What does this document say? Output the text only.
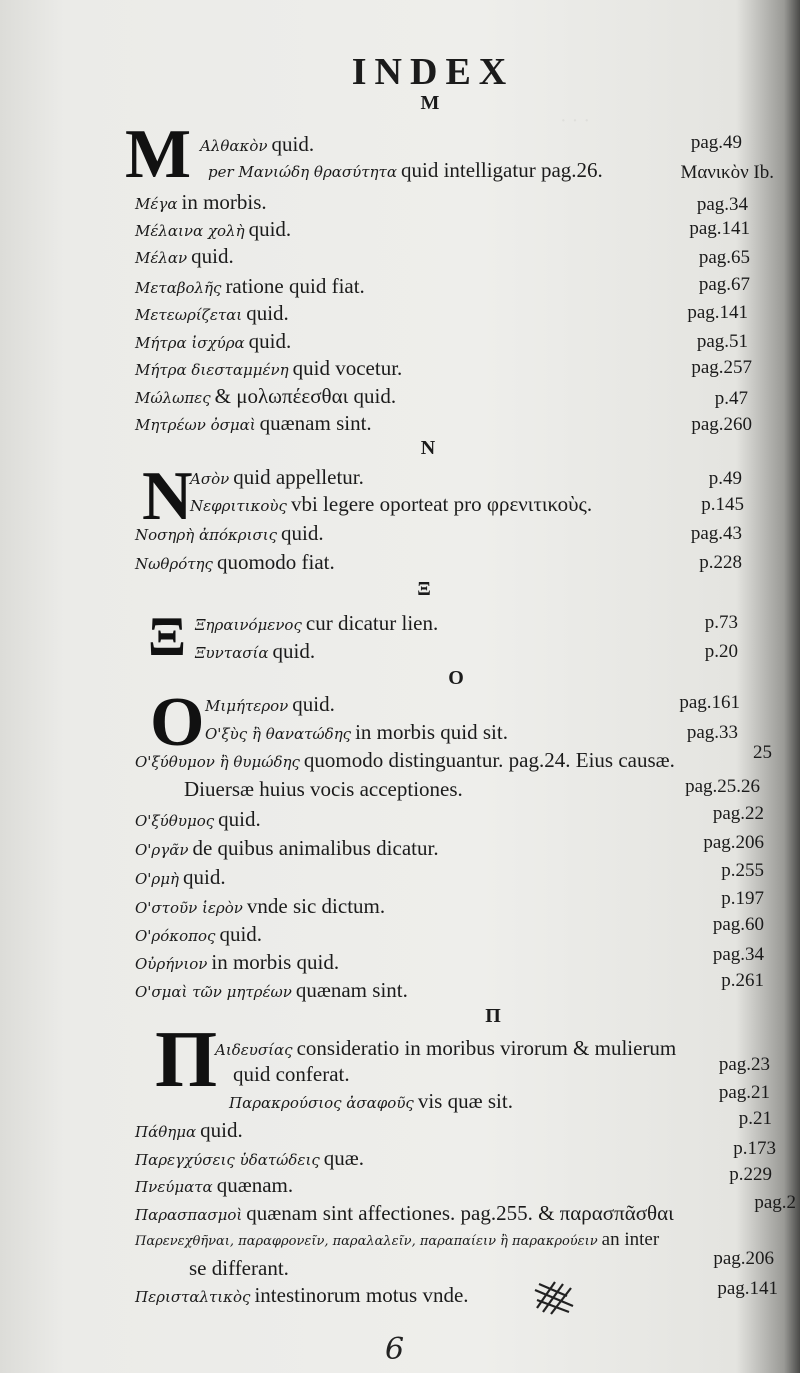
· · ·
INDEX
M
N
Ξ
O
Π
M
N
Ξ
O
Π
Αλθακὸν quid.	pag.49
per Μανιώδη θρασύτητα quid intelligatur pag.26.	Μανικὸν Ib.
Μέγα in morbis.	pag.34
Μέλαινα χολὴ quid.	pag.141
Μέλαν quid.	pag.65
Μεταβολῆς ratione quid fiat.	pag.67
Μετεωρίζεται quid.	pag.141
Μήτρα ἰσχύρα quid.	pag.51
Μήτρα διεσταμμένη quid vocetur.	pag.257
Μώλωπες & μολωπέεσθαι quid.	p.47
Μητρέων ὀσμαὶ quænam sint.	pag.260
Ασὸν quid appelletur.	p.49
Νεφριτικοὺς vbi legere oporteat pro φρενιτικοὺς.	p.145
Νοσηρὴ ἀπόκρισις quid.	pag.43
Νωθρότης quomodo fiat.	p.228
Ξηραινόμενος cur dicatur lien.	p.73
Ξυντασία quid.	p.20
Μιμήτερον quid.	pag.161
Ο'ξὺς ἢ θανατώδης in morbis quid sit.	pag.33
Ο'ξύθυμον ἢ θυμώδης quomodo distinguantur. pag.24. Eius causæ.	25
Diuersæ huius vocis acceptiones.	pag.25.26
Ο'ξύθυμος quid.	pag.22
Ο'ργᾶν de quibus animalibus dicatur.	pag.206
Ο'ρμὴ quid.	p.255
Ο'στοῦν ἱερὸν vnde sic dictum.	p.197
Ο'ρόκοπος quid.	pag.60
Οὐρήνιον in morbis quid.	pag.34
Ο'σμαὶ τῶν μητρέων quænam sint.	p.261
Αιδευσίας consideratio in moribus virorum & mulierum
quid conferat.	pag.23
Παρακρούσιος ἀσαφοῦς vis quæ sit.	pag.21
Πάθημα quid.	p.21
Παρεγχύσεις ὑδατώδεις quæ.	p.173
Πνεύματα quænam.	p.229
Παρασπασμοὶ quænam sint affectiones. pag.255. & παρασπᾶσθαι	pag.2
Παρενεχθῆναι, παραφρονεῖν, παραλαλεῖν, παραπαίειν ἢ παρακρούειν an inter
se differant.	pag.206
Περισταλτικὸς intestinorum motus vnde.	pag.141
6
